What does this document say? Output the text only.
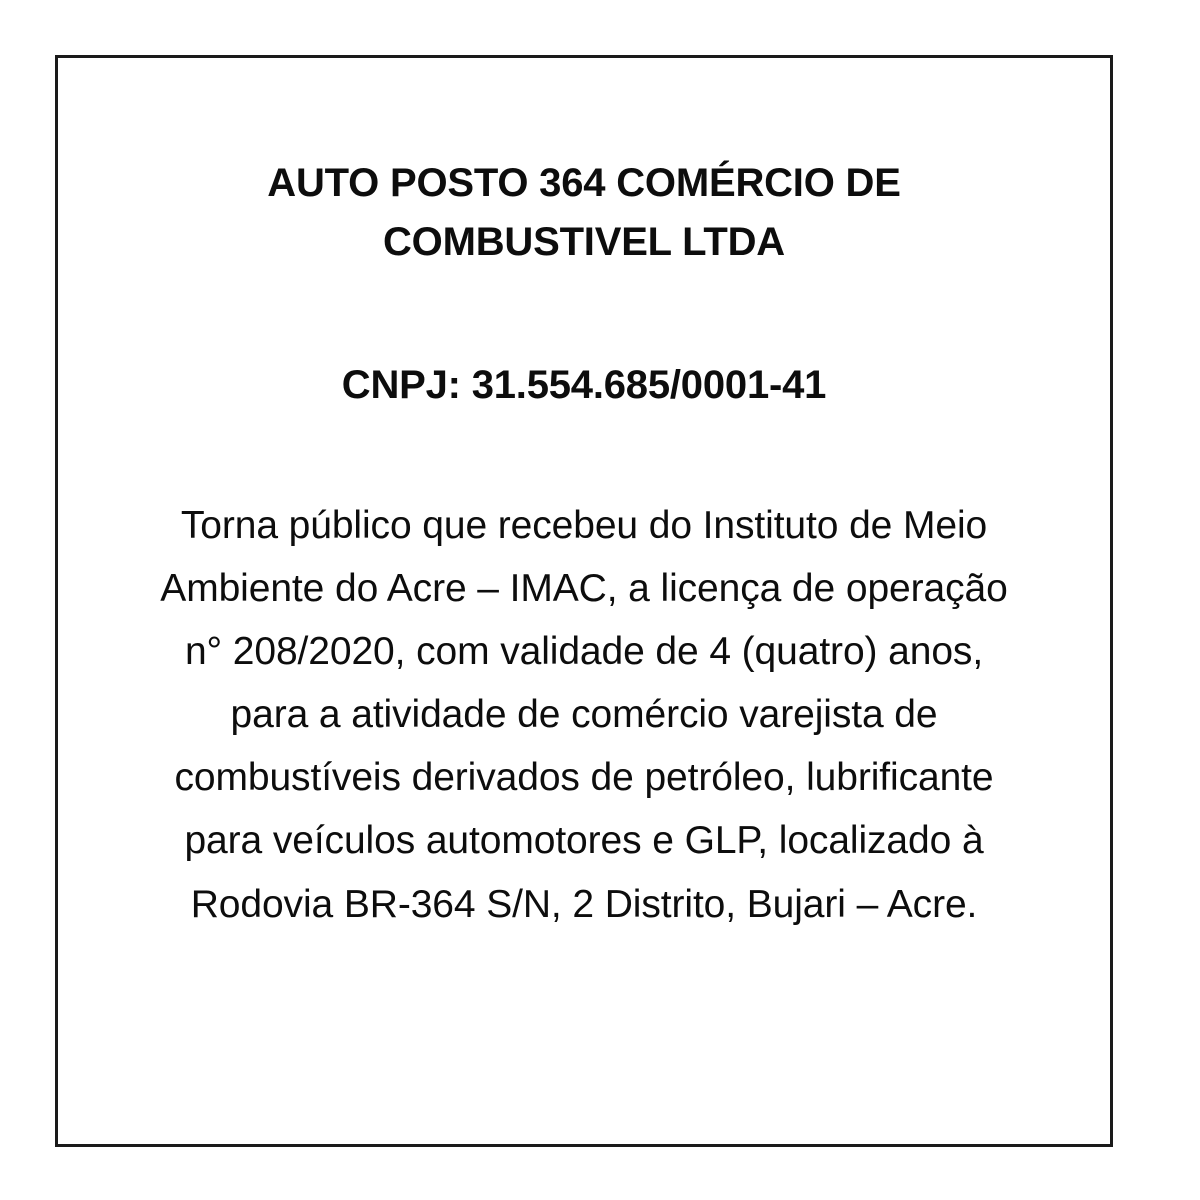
AUTO POSTO 364 COMÉRCIO DE COMBUSTIVEL LTDA

CNPJ: 31.554.685/0001-41

Torna público que recebeu do Instituto de Meio Ambiente do Acre – IMAC, a licença de operação n° 208/2020, com validade de 4 (quatro) anos, para a atividade de comércio varejista de combustíveis derivados de petróleo, lubrificante para veículos automotores e GLP, localizado à Rodovia BR-364 S/N, 2 Distrito, Bujari – Acre.
